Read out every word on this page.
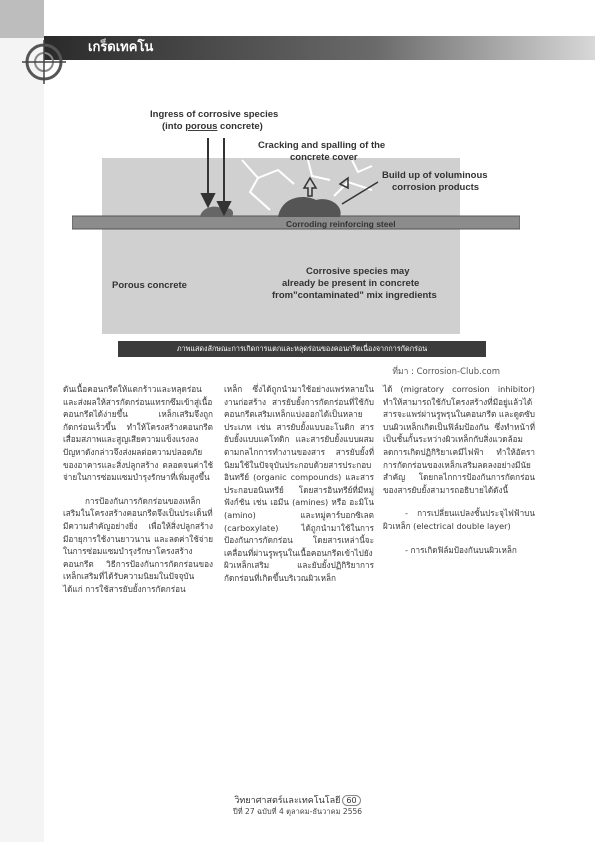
เกร็ดเทคโน
Ingress of corrosive species
(into porous concrete)
Cracking and spalling of the
concrete cover
Build up of voluminous
corrosion products
Corroding reinforcing steel
Porous concrete
Corrosive species may
already be present in concrete
from"contaminated" mix ingredients
ภาพแสดงลักษณะการเกิดการแตกและหลุดร่อนของคอนกรีตเนื่องจากการกัดกร่อน
ที่มา : Corrosion-Club.com

ดันเนื้อคอนกรีตให้แตกร้าวและหลุดร่อน และส่งผลให้สารกัดกร่อนแทรกซึมเข้าสู่เนื้อคอนกรีตได้ง่ายขึ้น เหล็กเสริมจึงถูกกัดกร่อนเร็วขึ้น ทำให้โครงสร้างคอนกรีตเสื่อมสภาพและสูญเสียความแข็งแรงลง ปัญหาดังกล่าวจึงส่งผลต่อความปลอดภัยของอาคารและสิ่งปลูกสร้าง ตลอดจนค่าใช้จ่ายในการซ่อมแซมบำรุงรักษาที่เพิ่มสูงขึ้น

การป้องกันการกัดกร่อนของเหล็กเสริมในโครงสร้างคอนกรีตจึงเป็นประเด็นที่มีความสำคัญอย่างยิ่ง เพื่อให้สิ่งปลูกสร้างมีอายุการใช้งานยาวนาน และลดค่าใช้จ่ายในการซ่อมแซมบำรุงรักษาโครงสร้างคอนกรีต วิธีการป้องกันการกัดกร่อนของเหล็กเสริมที่ได้รับความนิยมในปัจจุบัน ได้แก่ การใช้สารยับยั้งการกัดกร่อน

เหล็ก ซึ่งได้ถูกนำมาใช้อย่างแพร่หลายในงานก่อสร้าง สารยับยั้งการกัดกร่อนที่ใช้กับคอนกรีตเสริมเหล็กแบ่งออกได้เป็นหลายประเภท เช่น สารยับยั้งแบบอะโนดิก สารยับยั้งแบบแคโทดิก และสารยับยั้งแบบผสม ตามกลไกการทำงานของสาร สารยับยั้งที่นิยมใช้ในปัจจุบันประกอบด้วยสารประกอบอินทรีย์ (organic compounds) และสารประกอบอนินทรีย์ โดยสารอินทรีย์ที่มีหมู่ฟังก์ชัน เช่น เอมีน (amines) หรือ อะมิโน (amino) และหมู่คาร์บอกซิเลต (carboxylate) ได้ถูกนำมาใช้ในการป้องกันการกัดกร่อน โดยสารเหล่านี้จะเคลื่อนที่ผ่านรูพรุนในเนื้อคอนกรีตเข้าไปยังผิวเหล็กเสริม และยับยั้งปฏิกิริยาการกัดกร่อนที่เกิดขึ้นบริเวณผิวเหล็ก

ได้ (migratory corrosion inhibitor) ทำให้สามารถใช้กับโครงสร้างที่มีอยู่แล้วได้ สารจะแพร่ผ่านรูพรุนในคอนกรีต และดูดซับบนผิวเหล็กเกิดเป็นฟิล์มป้องกัน ซึ่งทำหน้าที่เป็นชั้นกั้นระหว่างผิวเหล็กกับสิ่งแวดล้อม ลดการเกิดปฏิกิริยาเคมีไฟฟ้า ทำให้อัตราการกัดกร่อนของเหล็กเสริมลดลงอย่างมีนัยสำคัญ โดยกลไกการป้องกันการกัดกร่อนของสารยับยั้งสามารถอธิบายได้ดังนี้

- การเปลี่ยนแปลงชั้นประจุไฟฟ้าบนผิวเหล็ก (electrical double layer)

- การเกิดฟิล์มป้องกันบนผิวเหล็ก

วิทยาศาสตร์และเทคโนโลยี 60
ปีที่ 27 ฉบับที่ 4 ตุลาคม-ธันวาคม 2556
